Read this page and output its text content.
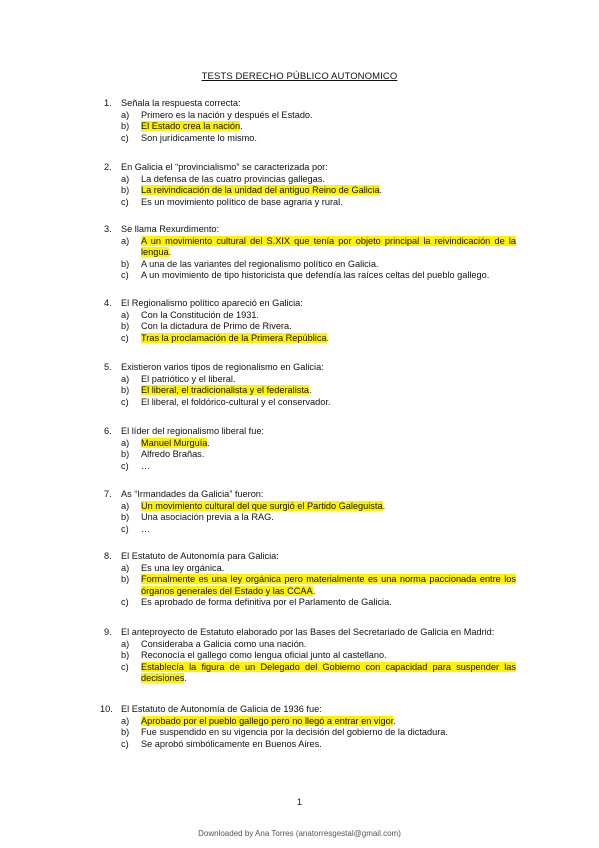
TESTS DERECHO PÚBLICO AUTONOMICO
1. Señala la respuesta correcta:
a) Primero es la nación y después el Estado.
b) El Estado crea la nación.
c) Son jurídicamente lo mismo.
2. En Galicia el “provincialismo” se caracterizada por:
a) La defensa de las cuatro provincias gallegas.
b) La reivindicación de la unidad del antiguo Reino de Galicia.
c) Es un movimiento político de base agraria y rural.
3. Se llama Rexurdimento:
a) A un movimiento cultural del S.XIX que tenía por objeto principal la reivindicación de la lengua.
b) A una de las variantes del regionalismo político en Galicia.
c) A un movimiento de tipo historicista que defendía las raíces celtas del pueblo gallego.
4. El Regionalismo político apareció en Galicia:
a) Con la Constitución de 1931.
b) Con la dictadura de Primo de Rivera.
c) Tras la proclamación de la Primera República.
5. Existieron varios tipos de regionalismo en Galicia:
a) El patriótico y el liberal.
b) El liberal, el tradicionalista y el federalista.
c) El liberal, el foldórico-cultural y el conservador.
6. El líder del regionalismo liberal fue:
a) Manuel Murguía.
b) Alfredo Brañas.
c) …
7. As “Irmandades da Galicia” fueron:
a) Un movimiento cultural del que surgió el Partido Galeguista.
b) Una asociación previa a la RAG.
c) …
8. El Estatuto de Autonomía para Galicia:
a) Es una ley orgánica.
b) Formalmente es una ley orgánica pero materialmente es una norma paccionada entre los órganos generales del Estado y las CCAA.
c) Es aprobado de forma definitiva por el Parlamento de Galicia.
9. El anteproyecto de Estatuto elaborado por las Bases del Secretariado de Galicia en Madrid:
a) Consideraba a Galicia como una nación.
b) Reconocía el gallego como lengua oficial junto al castellano.
c) Establecía la figura de un Delegado del Gobierno con capacidad para suspender las decisiones.
10. El Estatuto de Autonomía de Galicia de 1936 fue:
a) Aprobado por el pueblo gallego pero no llegó a entrar en vigor.
b) Fue suspendido en su vigencia por la decisión del gobierno de la dictadura.
c) Se aprobó simbólicamente en Buenos Aires.
1
Downloaded by Ana Torres (anatorresgestal@gmail.com)
